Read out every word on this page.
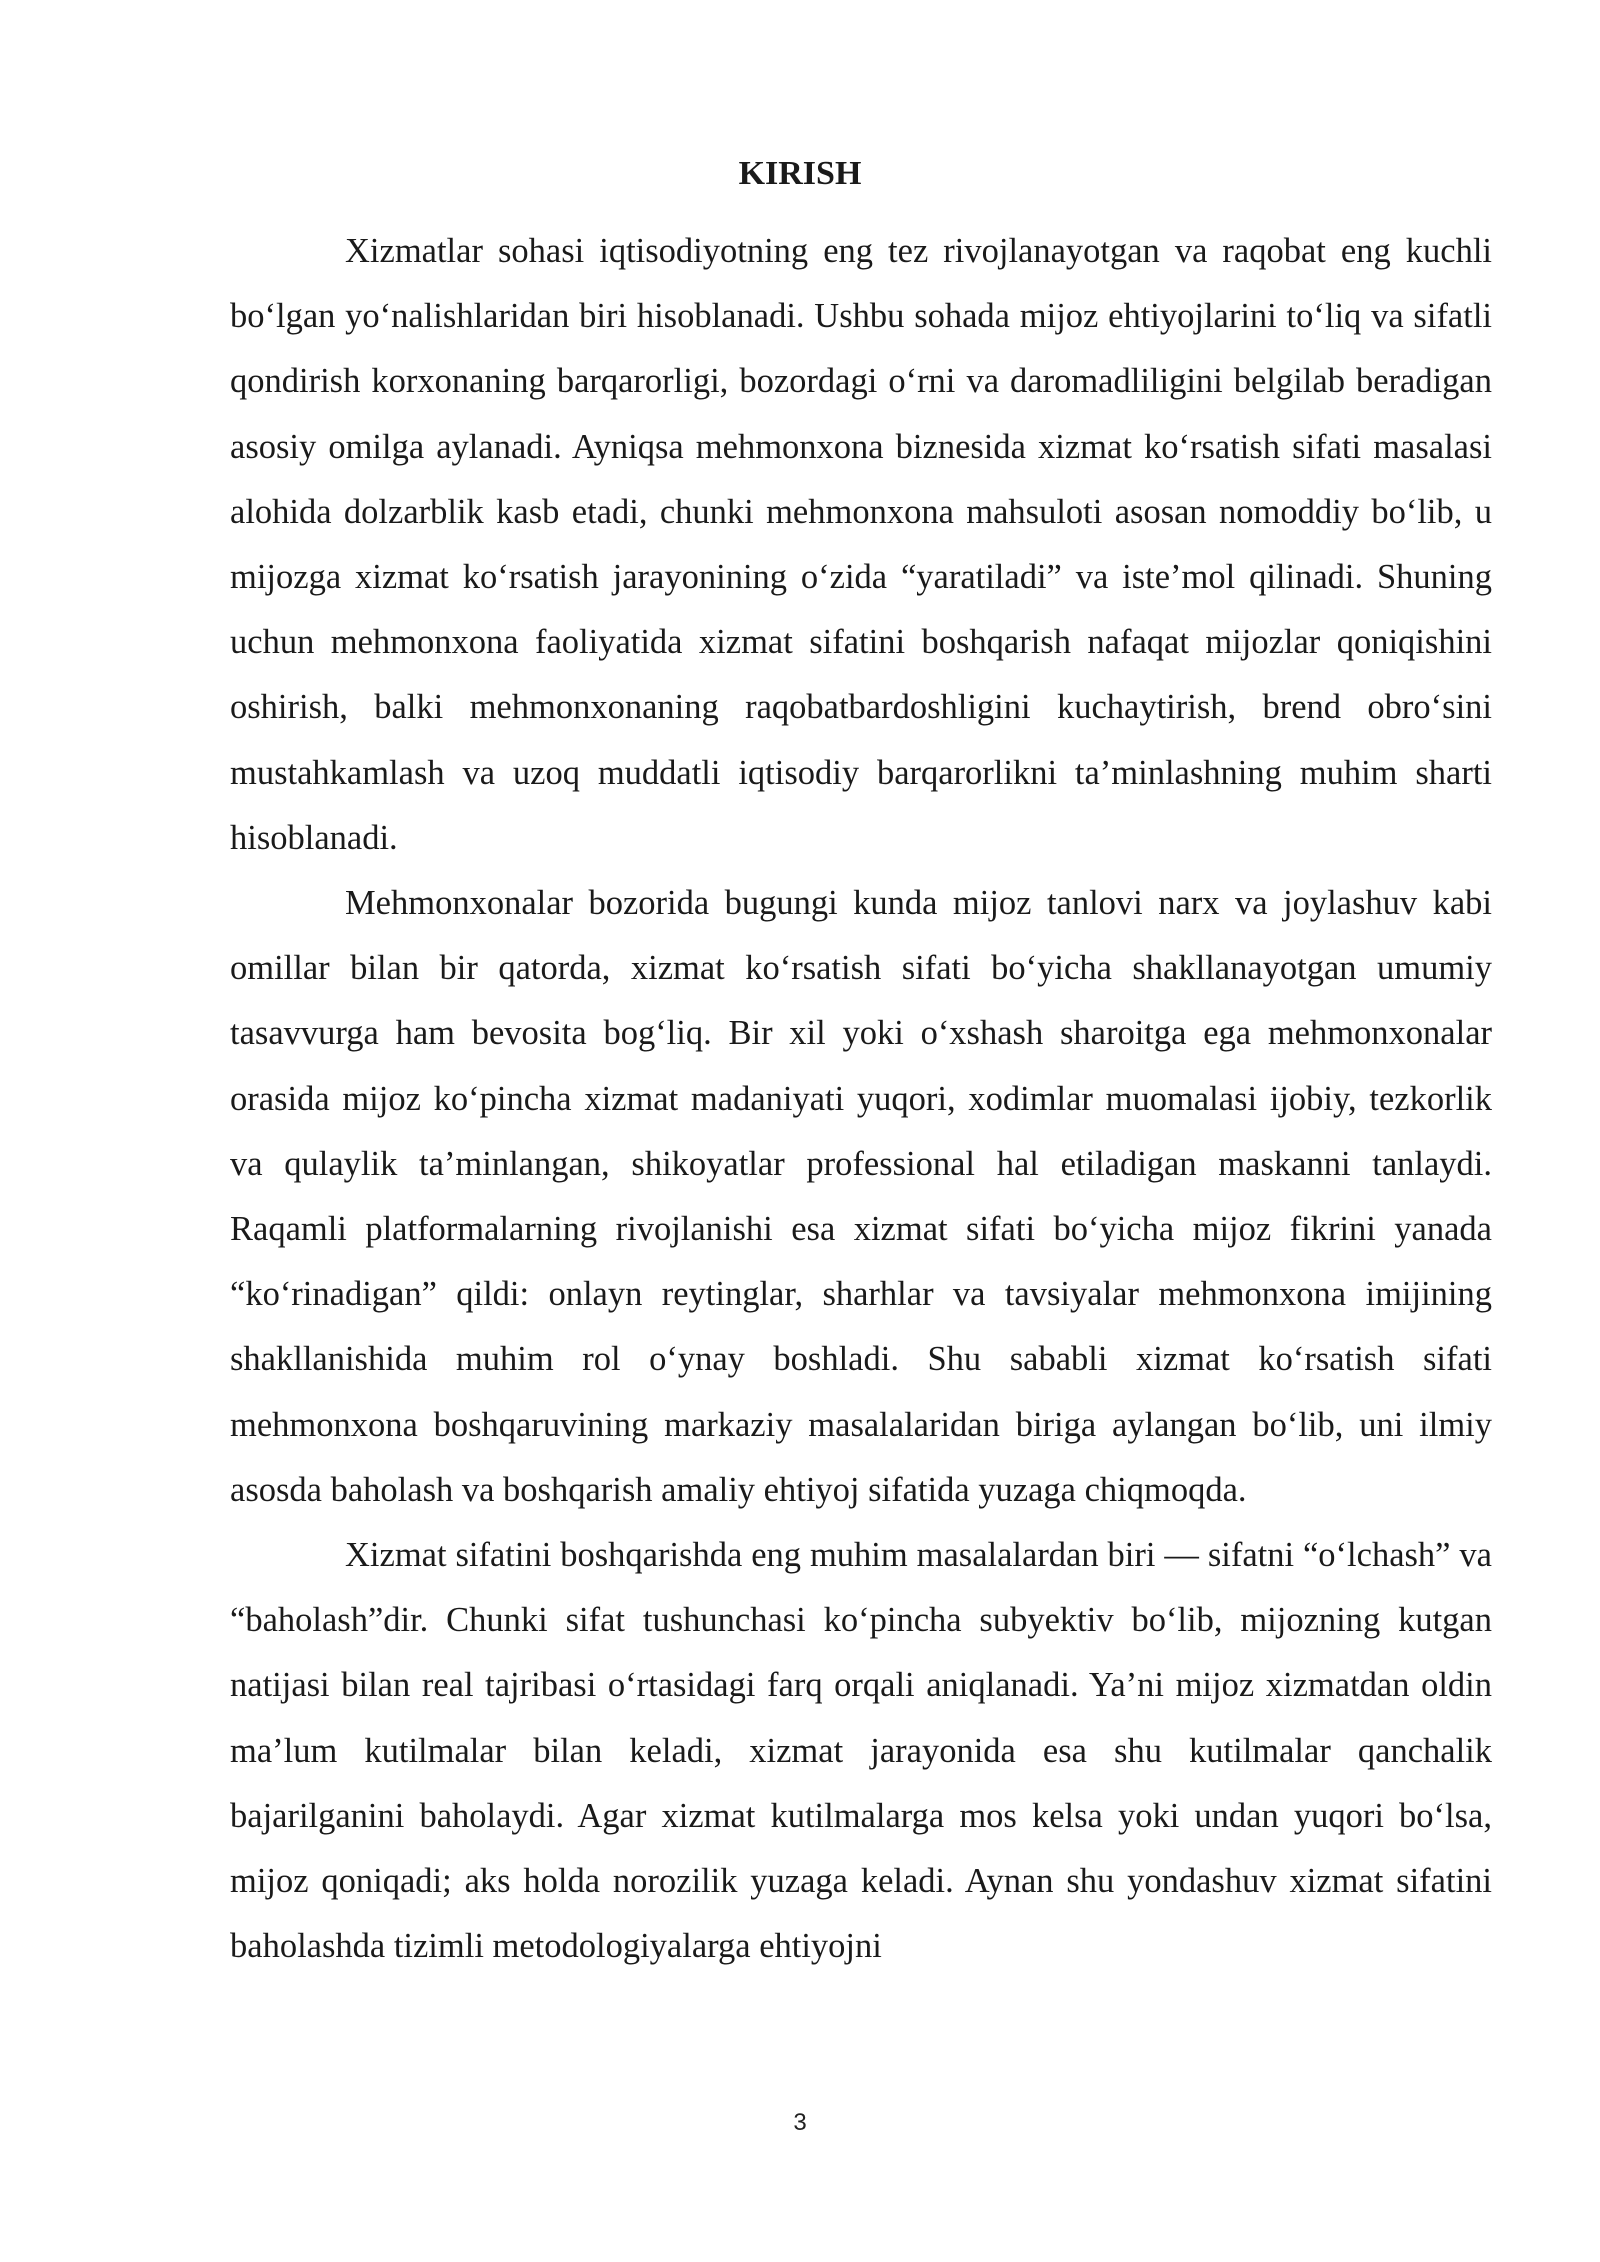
KIRISH

Xizmatlar sohasi iqtisodiyotning eng tez rivojlanayotgan va raqobat eng kuchli bo‘lgan yo‘nalishlaridan biri hisoblanadi. Ushbu sohada mijoz ehtiyojlarini to‘liq va sifatli qondirish korxonaning barqarorligi, bozordagi o‘rni va daromadliligini belgilab beradigan asosiy omilga aylanadi. Ayniqsa mehmonxona biznesida xizmat ko‘rsatish sifati masalasi alohida dolzarblik kasb etadi, chunki mehmonxona mahsuloti asosan nomoddiy bo‘lib, u mijozga xizmat ko‘rsatish jarayonining o‘zida “yaratiladi” va iste’mol qilinadi. Shuning uchun mehmonxona faoliyatida xizmat sifatini boshqarish nafaqat mijozlar qoniqishini oshirish, balki mehmonxonaning raqobatbardoshligini kuchaytirish, brend obro‘sini mustahkamlash va uzoq muddatli iqtisodiy barqarorlikni ta’minlashning muhim sharti hisoblanadi.

Mehmonxonalar bozorida bugungi kunda mijoz tanlovi narx va joylashuv kabi omillar bilan bir qatorda, xizmat ko‘rsatish sifati bo‘yicha shakllanayotgan umumiy tasavvurga ham bevosita bog‘liq. Bir xil yoki o‘xshash sharoitga ega mehmonxonalar orasida mijoz ko‘pincha xizmat madaniyati yuqori, xodimlar muomalasi ijobiy, tezkorlik va qulaylik ta’minlangan, shikoyatlar professional hal etiladigan maskanni tanlaydi. Raqamli platformalarning rivojlanishi esa xizmat sifati bo‘yicha mijoz fikrini yanada “ko‘rinadigan” qildi: onlayn reytinglar, sharhlar va tavsiyalar mehmonxona imijining shakllanishida muhim rol o‘ynay boshladi. Shu sababli xizmat ko‘rsatish sifati mehmonxona boshqaruvining markaziy masalalaridan biriga aylangan bo‘lib, uni ilmiy asosda baholash va boshqarish amaliy ehtiyoj sifatida yuzaga chiqmoqda.

Xizmat sifatini boshqarishda eng muhim masalalardan biri — sifatni “o‘lchash” va “baholash”dir. Chunki sifat tushunchasi ko‘pincha subyektiv bo‘lib, mijozning kutgan natijasi bilan real tajribasi o‘rtasidagi farq orqali aniqlanadi. Ya’ni mijoz xizmatdan oldin ma’lum kutilmalar bilan keladi, xizmat jarayonida esa shu kutilmalar qanchalik bajarilganini baholaydi. Agar xizmat kutilmalarga mos kelsa yoki undan yuqori bo‘lsa, mijoz qoniqadi; aks holda norozilik yuzaga keladi. Aynan shu yondashuv xizmat sifatini baholashda tizimli metodologiyalarga ehtiyojni

3
